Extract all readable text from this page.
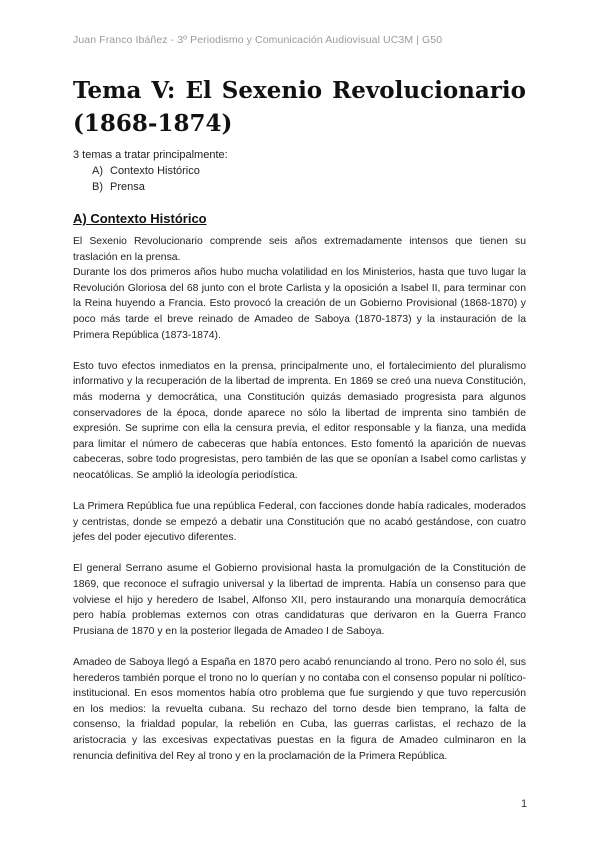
Juan Franco Ibáñez - 3º Periodismo y Comunicación Audiovisual UC3M | G50
Tema V: El Sexenio Revolucionario
(1868-1874)
3 temas a tratar principalmente:
A) Contexto Histórico
B) Prensa
A) Contexto Histórico

El Sexenio Revolucionario comprende seis años extremadamente intensos que tienen su traslación en la prensa.

Durante los dos primeros años hubo mucha volatilidad en los Ministerios, hasta que tuvo lugar la Revolución Gloriosa del 68 junto con el brote Carlista y la oposición a Isabel II, para terminar con la Reina huyendo a Francia. Esto provocó la creación de un Gobierno Provisional (1868-1870) y poco más tarde el breve reinado de Amadeo de Saboya (1870-1873) y la instauración de la Primera República (1873-1874).

Esto tuvo efectos inmediatos en la prensa, principalmente uno, el fortalecimiento del pluralismo informativo y la recuperación de la libertad de imprenta. En 1869 se creó una nueva Constitución, más moderna y democrática, una Constitución quizás demasiado progresista para algunos conservadores de la época, donde aparece no sólo la libertad de imprenta sino también de expresión. Se suprime con ella la censura previa, el editor responsable y la fianza, una medida para limitar el número de cabeceras que había entonces. Esto fomentó la aparición de nuevas cabeceras, sobre todo progresistas, pero también de las que se oponían a Isabel como carlistas y neocatólicas. Se amplió la ideología periodística.

La Primera República fue una república Federal, con facciones donde había radicales, moderados y centristas, donde se empezó a debatir una Constitución que no acabó gestándose, con cuatro jefes del poder ejecutivo diferentes.

El general Serrano asume el Gobierno provisional hasta la promulgación de la Constitución de 1869, que reconoce el sufragio universal y la libertad de imprenta. Había un consenso para que volviese el hijo y heredero de Isabel, Alfonso XII, pero instaurando una monarquía democrática pero había problemas externos con otras candidaturas que derivaron en la Guerra Franco Prusiana de 1870 y en la posterior llegada de Amadeo I de Saboya.

Amadeo de Saboya llegó a España en 1870 pero acabó renunciando al trono. Pero no solo él, sus herederos también porque el trono no lo querían y no contaba con el consenso popular ni político-institucional. En esos momentos había otro problema que fue surgiendo y que tuvo repercusión en los medios: la revuelta cubana. Su rechazo del torno desde bien temprano, la falta de consenso, la frialdad popular, la rebelión en Cuba, las guerras carlistas, el rechazo de la aristocracia y las excesivas expectativas puestas en la figura de Amadeo culminaron en la renuncia definitiva del Rey al trono y en la proclamación de la Primera República.

1
